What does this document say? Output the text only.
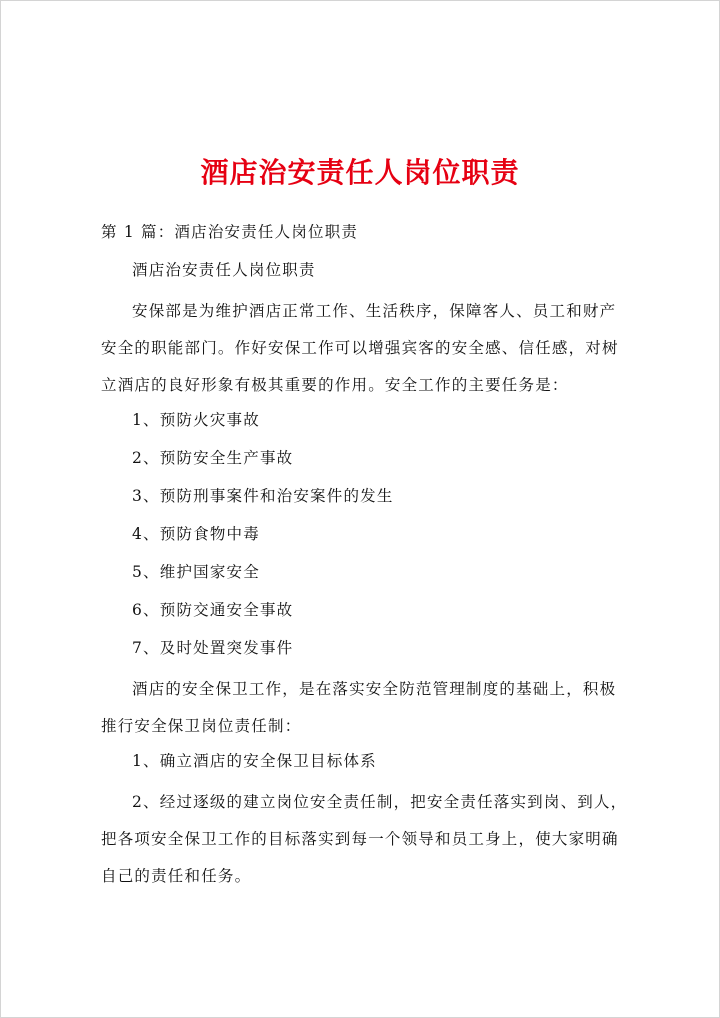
酒店治安责任人岗位职责
第 1 篇：酒店治安责任人岗位职责
酒店治安责任人岗位职责
安保部是为维护酒店正常工作、生活秩序，保障客人、员工和财产安全的职能部门。作好安保工作可以增强宾客的安全感、信任感，对树立酒店的良好形象有极其重要的作用。安全工作的主要任务是：
1、预防火灾事故
2、预防安全生产事故
3、预防刑事案件和治安案件的发生
4、预防食物中毒
5、维护国家安全
6、预防交通安全事故
7、及时处置突发事件
酒店的安全保卫工作，是在落实安全防范管理制度的基础上，积极推行安全保卫岗位责任制：
1、确立酒店的安全保卫目标体系
2、经过逐级的建立岗位安全责任制，把安全责任落实到岗、到人，把各项安全保卫工作的目标落实到每一个领导和员工身上，使大家明确自己的责任和任务。
